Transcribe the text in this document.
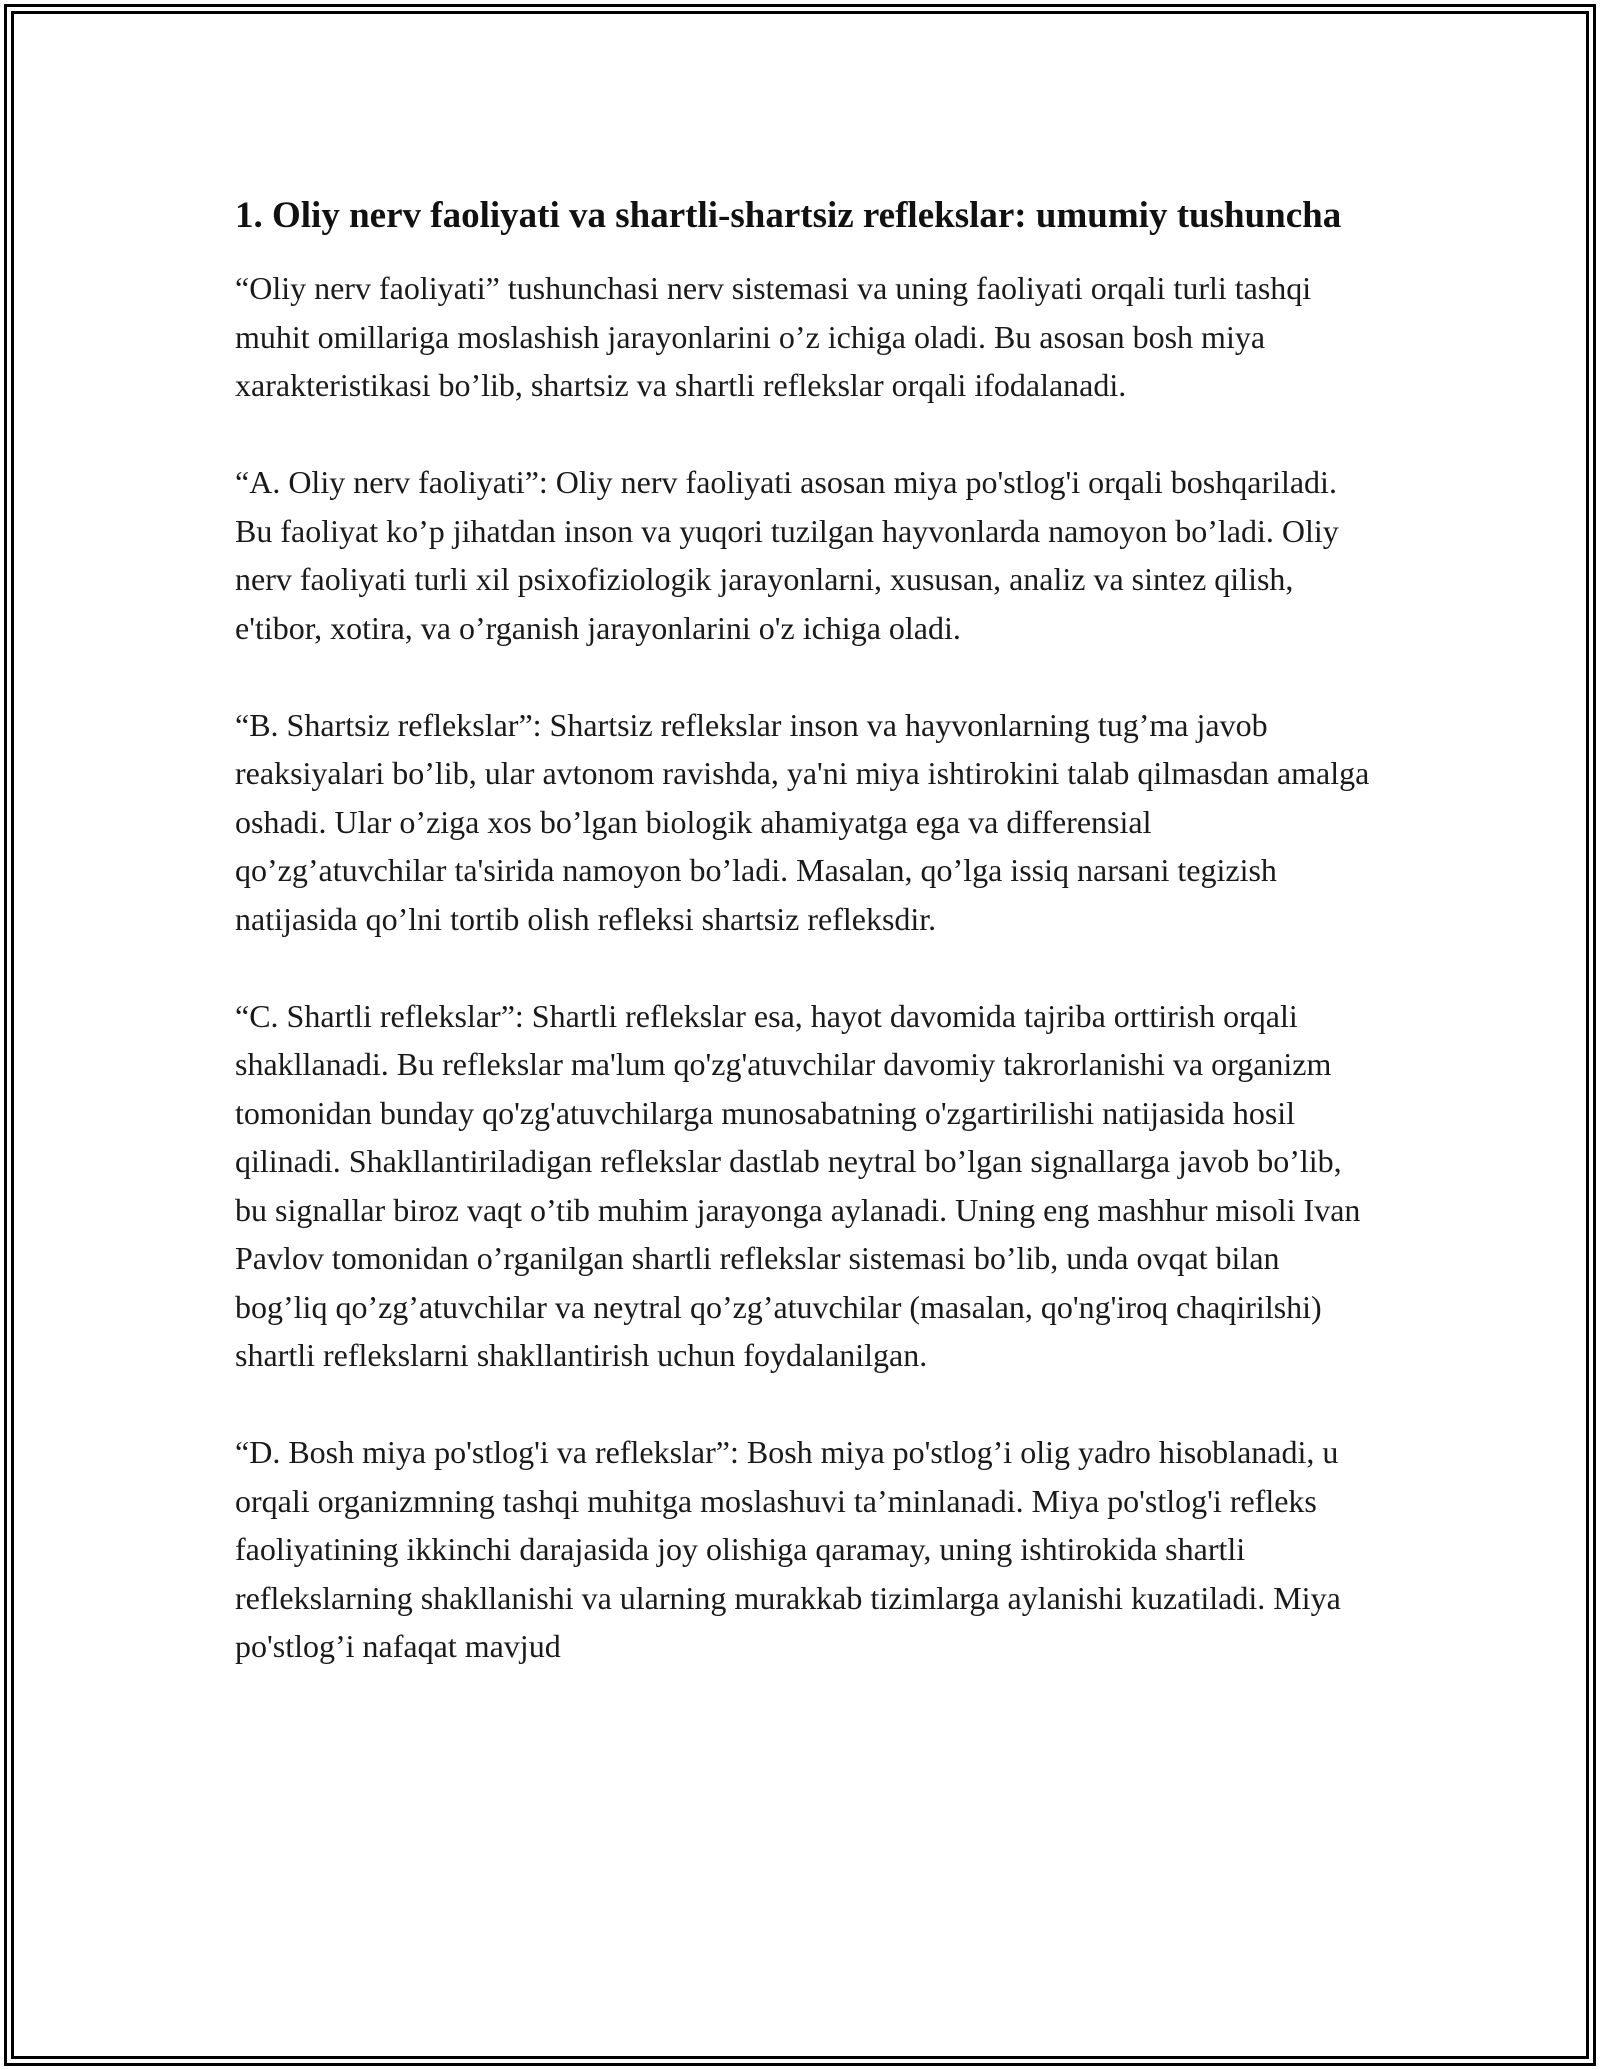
1. Oliy nerv faoliyati va shartli-shartsiz reflekslar: umumiy tushuncha

“Oliy nerv faoliyati” tushunchasi nerv sistemasi va uning faoliyati orqali turli tashqi muhit omillariga moslashish jarayonlarini o’z ichiga oladi. Bu asosan bosh miya xarakteristikasi bo’lib, shartsiz va shartli reflekslar orqali ifodalanadi.

“A. Oliy nerv faoliyati”: Oliy nerv faoliyati asosan miya po'stlog'i orqali boshqariladi. Bu faoliyat ko’p jihatdan inson va yuqori tuzilgan hayvonlarda namoyon bo’ladi. Oliy nerv faoliyati turli xil psixofiziologik jarayonlarni, xususan, analiz va sintez qilish, e'tibor, xotira, va o’rganish jarayonlarini o'z ichiga oladi.

“B. Shartsiz reflekslar”: Shartsiz reflekslar inson va hayvonlarning tug’ma javob reaksiyalari bo’lib, ular avtonom ravishda, ya'ni miya ishtirokini talab qilmasdan amalga oshadi. Ular o’ziga xos bo’lgan biologik ahamiyatga ega va differensial qo’zg’atuvchilar ta'sirida namoyon bo’ladi. Masalan, qo’lga issiq narsani tegizish natijasida qo’lni tortib olish refleksi shartsiz refleksdir.

“C. Shartli reflekslar”: Shartli reflekslar esa, hayot davomida tajriba orttirish orqali shakllanadi. Bu reflekslar ma'lum qo'zg'atuvchilar davomiy takrorlanishi va organizm tomonidan bunday qo'zg'atuvchilarga munosabatning o'zgartirilishi natijasida hosil qilinadi. Shakllantiriladigan reflekslar dastlab neytral bo’lgan signallarga javob bo’lib, bu signallar biroz vaqt o’tib muhim jarayonga aylanadi. Uning eng mashhur misoli Ivan Pavlov tomonidan o’rganilgan shartli reflekslar sistemasi bo’lib, unda ovqat bilan bog’liq qo’zg’atuvchilar va neytral qo’zg’atuvchilar (masalan, qo'ng'iroq chaqirilshi) shartli reflekslarni shakllantirish uchun foydalanilgan.

“D. Bosh miya po'stlog'i va reflekslar”: Bosh miya po'stlog’i olig yadro hisoblanadi, u orqali organizmning tashqi muhitga moslashuvi ta’minlanadi. Miya po'stlog'i refleks faoliyatining ikkinchi darajasida joy olishiga qaramay, uning ishtirokida shartli reflekslarning shakllanishi va ularning murakkab tizimlarga aylanishi kuzatiladi. Miya po'stlog’i nafaqat mavjud
